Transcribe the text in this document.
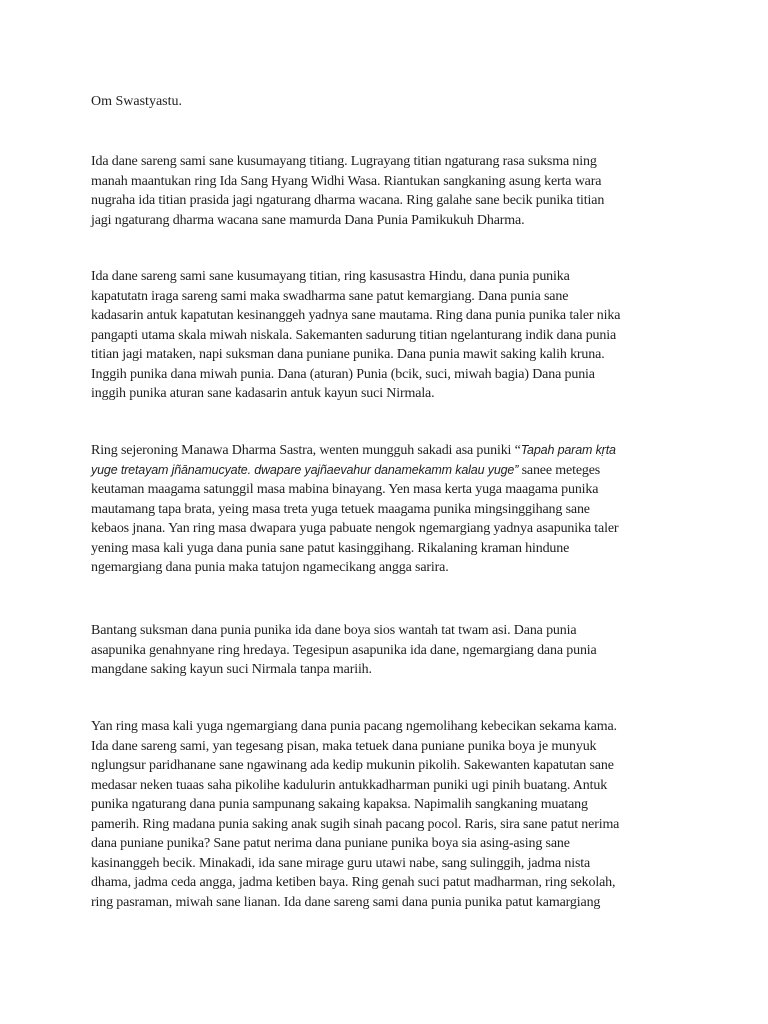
Om Swastyastu.

Ida dane sareng sami sane kusumayang titiang. Lugrayang titian ngaturang rasa suksma ning
manah maantukan ring Ida Sang Hyang Widhi Wasa. Riantukan sangkaning asung kerta wara
nugraha ida titian prasida jagi ngaturang dharma wacana. Ring galahe sane becik punika titian
jagi ngaturang dharma wacana sane mamurda Dana Punia Pamikukuh Dharma.

Ida dane sareng sami sane kusumayang titian, ring kasusastra Hindu, dana punia punika
kapatutatn iraga sareng sami maka swadharma sane patut kemargiang. Dana punia sane
kadasarin antuk kapatutan kesinanggeh yadnya sane mautama. Ring dana punia punika taler nika
pangapti utama skala miwah niskala. Sakemanten sadurung titian ngelanturang indik dana punia
titian jagi mataken, napi suksman dana puniane punika. Dana punia mawit saking kalih kruna.
Inggih punika dana miwah punia. Dana (aturan) Punia (bcik, suci, miwah bagia) Dana punia
inggih punika aturan sane kadasarin antuk kayun suci Nirmala.

Ring sejeroning Manawa Dharma Sastra, wenten mungguh sakadi asa puniki “Tapah param kṛta
yuge tretayam jñānamucyate. dwapare yajñaevahur danamekamm kalau yuge” sanee meteges
keutaman maagama satunggil masa mabina binayang. Yen masa kerta yuga maagama punika
mautamang tapa brata, yeing masa treta yuga tetuek maagama punika mingsinggihang sane
kebaos jnana. Yan ring masa dwapara yuga pabuate nengok ngemargiang yadnya asapunika taler
yening masa kali yuga dana punia sane patut kasinggihang. Rikalaning kraman hindune
ngemargiang dana punia maka tatujon ngamecikang angga sarira.

Bantang suksman dana punia punika ida dane boya sios wantah tat twam asi. Dana punia
asapunika genahnyane ring hredaya. Tegesipun asapunika ida dane, ngemargiang dana punia
mangdane saking kayun suci Nirmala tanpa mariih.

Yan ring masa kali yuga ngemargiang dana punia pacang ngemolihang kebecikan sekama kama.
Ida dane sareng sami, yan tegesang pisan, maka tetuek dana puniane punika boya je munyuk
nglungsur paridhanane sane ngawinang ada kedip mukunin pikolih. Sakewanten kapatutan sane
medasar neken tuaas saha pikolihe kadulurin antukkadharman puniki ugi pinih buatang. Antuk
punika ngaturang dana punia sampunang sakaing kapaksa. Napimalih sangkaning muatang
pamerih. Ring madana punia saking anak sugih sinah pacang pocol. Raris, sira sane patut nerima
dana puniane punika? Sane patut nerima dana puniane punika boya sia asing-asing sane
kasinanggeh becik. Minakadi, ida sane mirage guru utawi nabe, sang sulinggih, jadma nista
dhama, jadma ceda angga, jadma ketiben baya. Ring genah suci patut madharman, ring sekolah,
ring pasraman, miwah sane lianan. Ida dane sareng sami dana punia punika patut kamargiang
